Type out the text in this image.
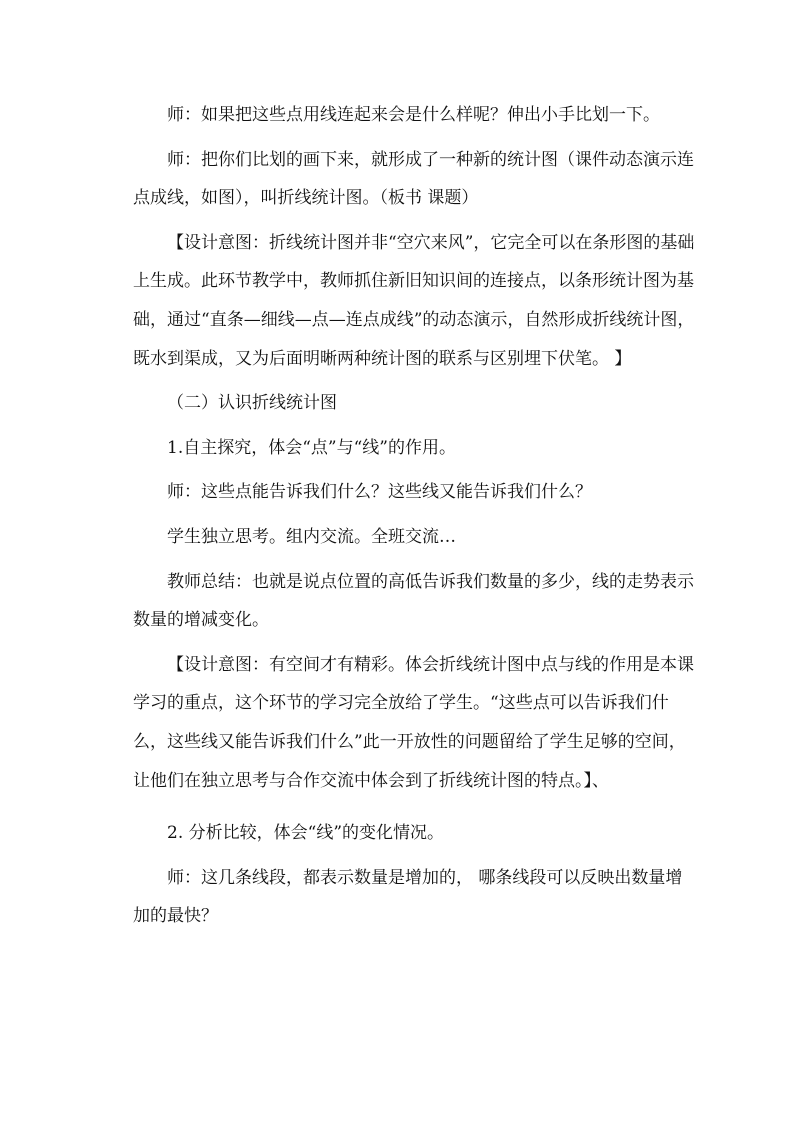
师：如果把这些点用线连起来会是什么样呢？伸出小手比划一下。

师：把你们比划的画下来，就形成了一种新的统计图（课件动态演示连点成线，如图），叫折线统计图。（板书 课题）

【设计意图：折线统计图并非“空穴来风”，它完全可以在条形图的基础上生成。此环节教学中，教师抓住新旧知识间的连接点，以条形统计图为基础，通过“直条—细线—点—连点成线”的动态演示，自然形成折线统计图，既水到渠成，又为后面明晰两种统计图的联系与区别埋下伏笔。 】

（二）认识折线统计图

1.自主探究，体会“点”与“线”的作用。

师：这些点能告诉我们什么？这些线又能告诉我们什么？

学生独立思考。组内交流。全班交流…

教师总结：也就是说点位置的高低告诉我们数量的多少，线的走势表示数量的增减变化。

【设计意图：有空间才有精彩。体会折线统计图中点与线的作用是本课学习的重点，这个环节的学习完全放给了学生。“这些点可以告诉我们什么，这些线又能告诉我们什么”此一开放性的问题留给了学生足够的空间，让他们在独立思考与合作交流中体会到了折线统计图的特点。】、

2. 分析比较，体会“线”的变化情况。

师：这几条线段，都表示数量是增加的， 哪条线段可以反映出数量增加的最快？
